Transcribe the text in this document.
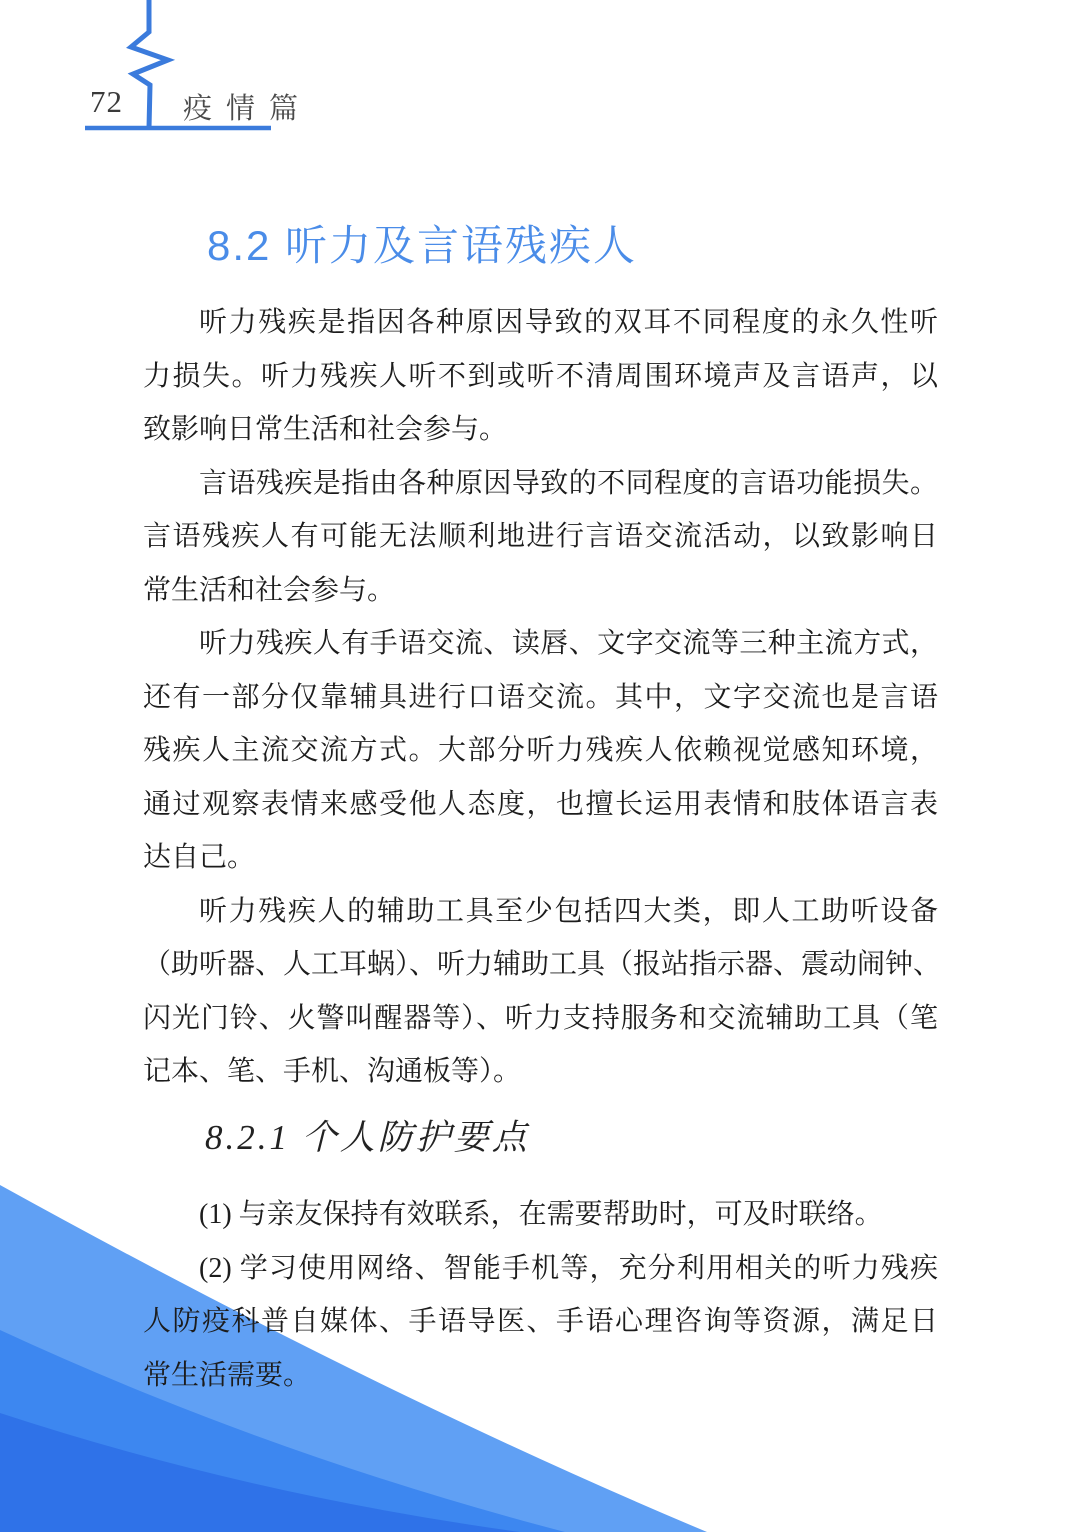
72 疫情篇
8.2 听力及言语残疾人
听力残疾是指因各种原因导致的双耳不同程度的永久性听
力损失。听力残疾人听不到或听不清周围环境声及言语声，以
致影响日常生活和社会参与。
言语残疾是指由各种原因导致的不同程度的言语功能损失。
言语残疾人有可能无法顺利地进行言语交流活动，以致影响日
常生活和社会参与。
听力残疾人有手语交流、读唇、文字交流等三种主流方式，
还有一部分仅靠辅具进行口语交流。其中，文字交流也是言语
残疾人主流交流方式。大部分听力残疾人依赖视觉感知环境，
通过观察表情来感受他人态度，也擅长运用表情和肢体语言表
达自己。
听力残疾人的辅助工具至少包括四大类，即人工助听设备
（助听器、人工耳蜗）、听力辅助工具（报站指示器、震动闹钟、
闪光门铃、火警叫醒器等）、听力支持服务和交流辅助工具（笔
记本、笔、手机、沟通板等）。
8.2.1 个人防护要点
(1) 与亲友保持有效联系，在需要帮助时，可及时联络。
(2) 学习使用网络、智能手机等，充分利用相关的听力残疾
人防疫科普自媒体、手语导医、手语心理咨询等资源，满足日
常生活需要。
